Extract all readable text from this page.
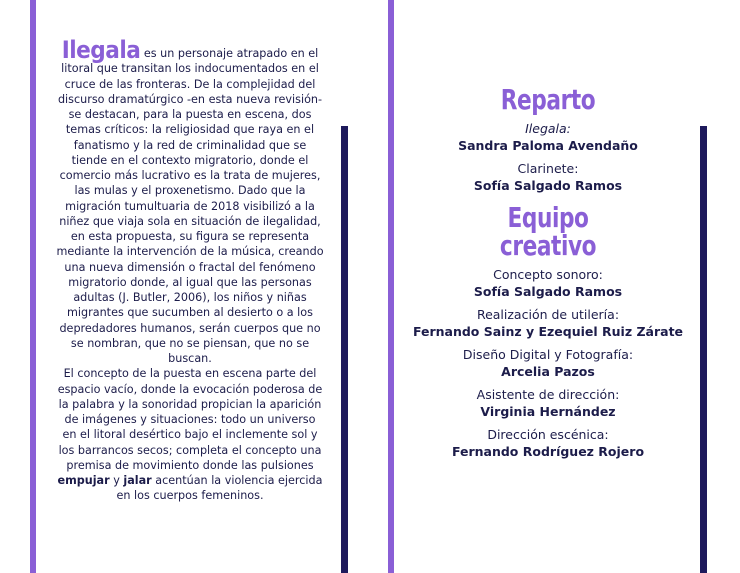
Ilegala es un personaje atrapado en el litoral que transitan los indocumentados en el cruce de las fronteras. De la complejidad del discurso dramatúrgico -en esta nueva revisión- se destacan, para la puesta en escena, dos temas críticos: la religiosidad que raya en el fanatismo y la red de criminalidad que se tiende en el contexto migratorio, donde el comercio más lucrativo es la trata de mujeres, las mulas y el proxenetismo. Dado que la migración tumultuaria de 2018 visibilizó a la niñez que viaja sola en situación de ilegalidad, en esta propuesta, su figura se representa mediante la intervención de la música, creando una nueva dimensión o fractal del fenómeno migratorio donde, al igual que las personas adultas (J. Butler, 2006), los niños y niñas migrantes que sucumben al desierto o a los depredadores humanos, serán cuerpos que no se nombran, que no se piensan, que no se buscan.

El concepto de la puesta en escena parte del espacio vacío, donde la evocación poderosa de la palabra y la sonoridad propician la aparición de imágenes y situaciones: todo un universo en el litoral desértico bajo el inclemente sol y los barrancos secos; completa el concepto una premisa de movimiento donde las pulsiones empujar y jalar acentúan la violencia ejercida en los cuerpos femeninos.

Reparto
Ilegala:
Sandra Paloma Avendaño
Clarinete:
Sofía Salgado Ramos
Equipo
creativo
Concepto sonoro:
Sofía Salgado Ramos
Realización de utilería:
Fernando Sainz y Ezequiel Ruiz Zárate
Diseño Digital y Fotografía:
Arcelia Pazos
Asistente de dirección:
Virginia Hernández
Dirección escénica:
Fernando Rodríguez Rojero
